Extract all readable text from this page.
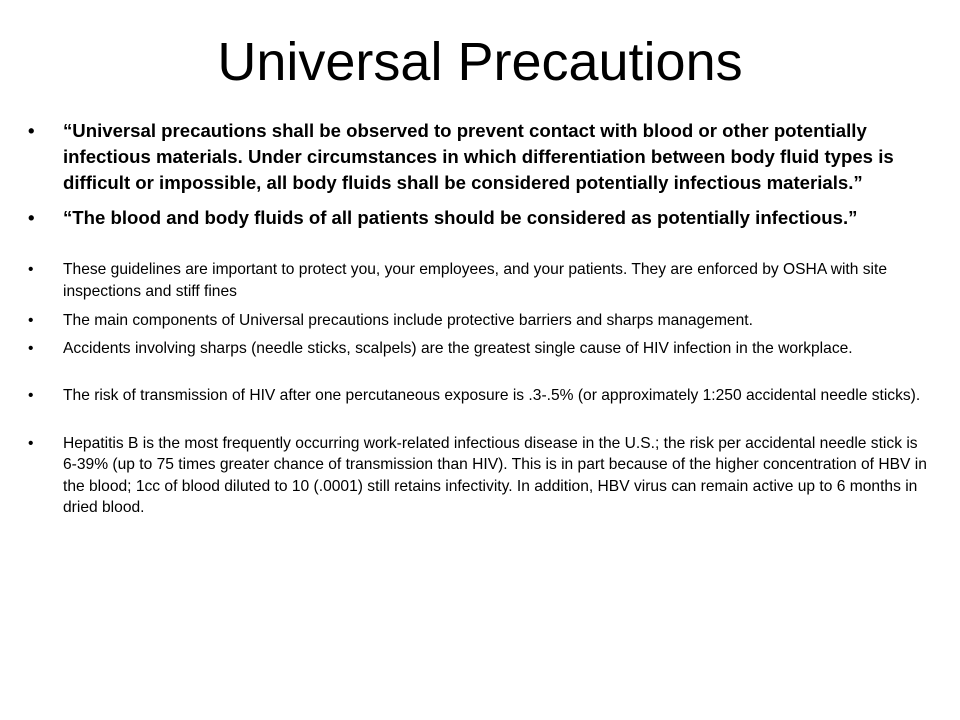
Universal Precautions
• “Universal precautions shall be observed to prevent contact with blood or other potentially infectious materials. Under circumstances in which differentiation between body fluid types is difficult or impossible, all body fluids shall be considered potentially infectious materials.”
• “The blood and body fluids of all patients should be considered as potentially infectious.”
• These guidelines are important to protect you, your employees, and your patients. They are enforced by OSHA with site inspections and stiff fines
• The main components of Universal precautions include protective barriers and sharps management.
• Accidents involving sharps (needle sticks, scalpels) are the greatest single cause of HIV infection in the workplace.
• The risk of transmission of HIV after one percutaneous exposure is .3-.5% (or approximately 1:250 accidental needle sticks).
• Hepatitis B is the most frequently occurring work-related infectious disease in the U.S.; the risk per accidental needle stick is 6-39% (up to 75 times greater chance of transmission than HIV). This is in part because of the higher concentration of HBV in the blood; 1cc of blood diluted to 10 (.0001) still retains infectivity. In addition, HBV virus can remain active up to 6 months in dried blood.
